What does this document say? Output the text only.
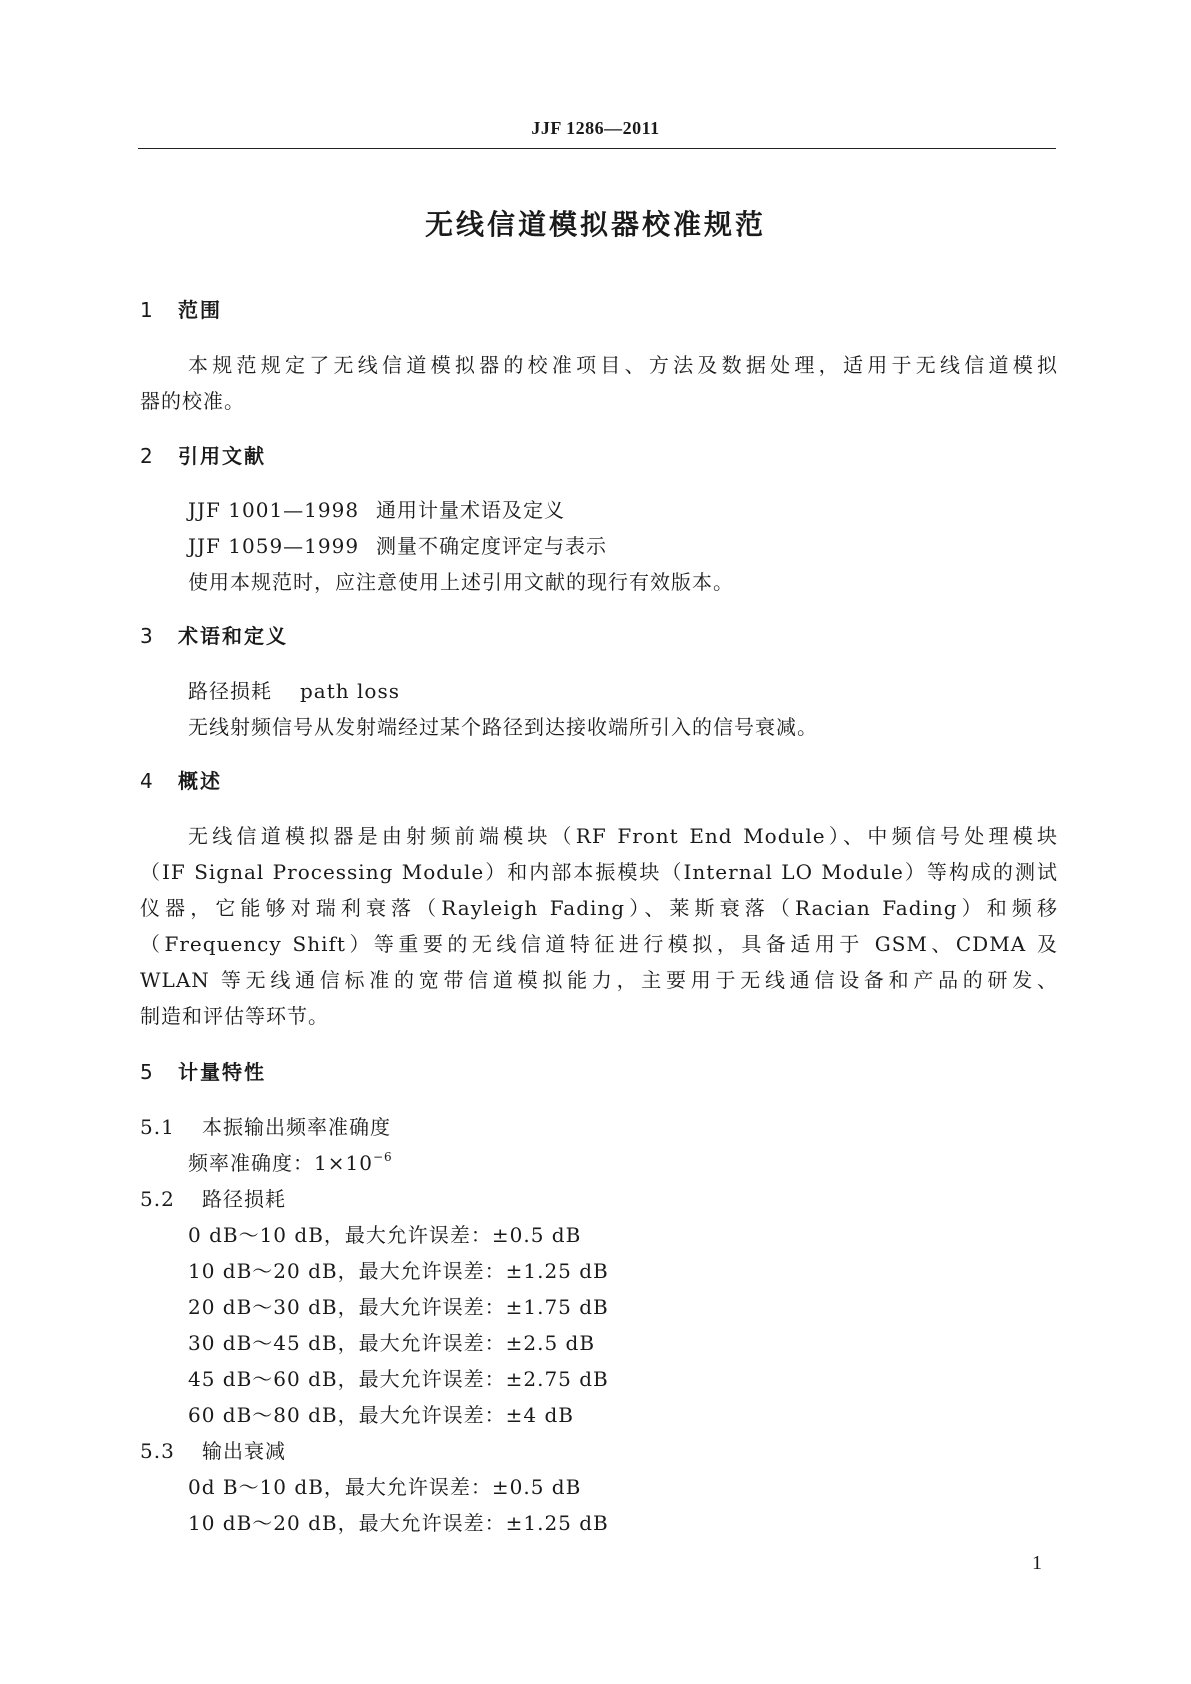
JJF 1286—2011
无线信道模拟器校准规范
1 范围
本规范规定了无线信道模拟器的校准项目、方法及数据处理，适用于无线信道模拟
器的校准。
2 引用文献
JJF 1001—1998 通用计量术语及定义
JJF 1059—1999 测量不确定度评定与表示
使用本规范时，应注意使用上述引用文献的现行有效版本。
3 术语和定义
路径损耗 path loss
无线射频信号从发射端经过某个路径到达接收端所引入的信号衰减。
4 概述
无线信道模拟器是由射频前端模块（RF Front End Module）、中频信号处理模块
（IF Signal Processing Module）和内部本振模块（Internal LO Module）等构成的测试
仪器，它能够对瑞利衰落（Rayleigh Fading）、莱斯衰落（Racian Fading）和频移
（Frequency Shift）等重要的无线信道特征进行模拟，具备适用于 GSM、CDMA 及
WLAN 等无线通信标准的宽带信道模拟能力，主要用于无线通信设备和产品的研发、
制造和评估等环节。
5 计量特性
5.1 本振输出频率准确度
频率准确度：$1\times 10^{-6}$
5.2 路径损耗
0 dB～10 dB，最大允许误差：±0.5 dB
10 dB～20 dB，最大允许误差：±1.25 dB
20 dB～30 dB，最大允许误差：±1.75 dB
30 dB～45 dB，最大允许误差：±2.5 dB
45 dB～60 dB，最大允许误差：±2.75 dB
60 dB～80 dB，最大允许误差：±4 dB
5.3 输出衰减
0d B～10 dB，最大允许误差：±0.5 dB
10 dB～20 dB，最大允许误差：±1.25 dB
1
